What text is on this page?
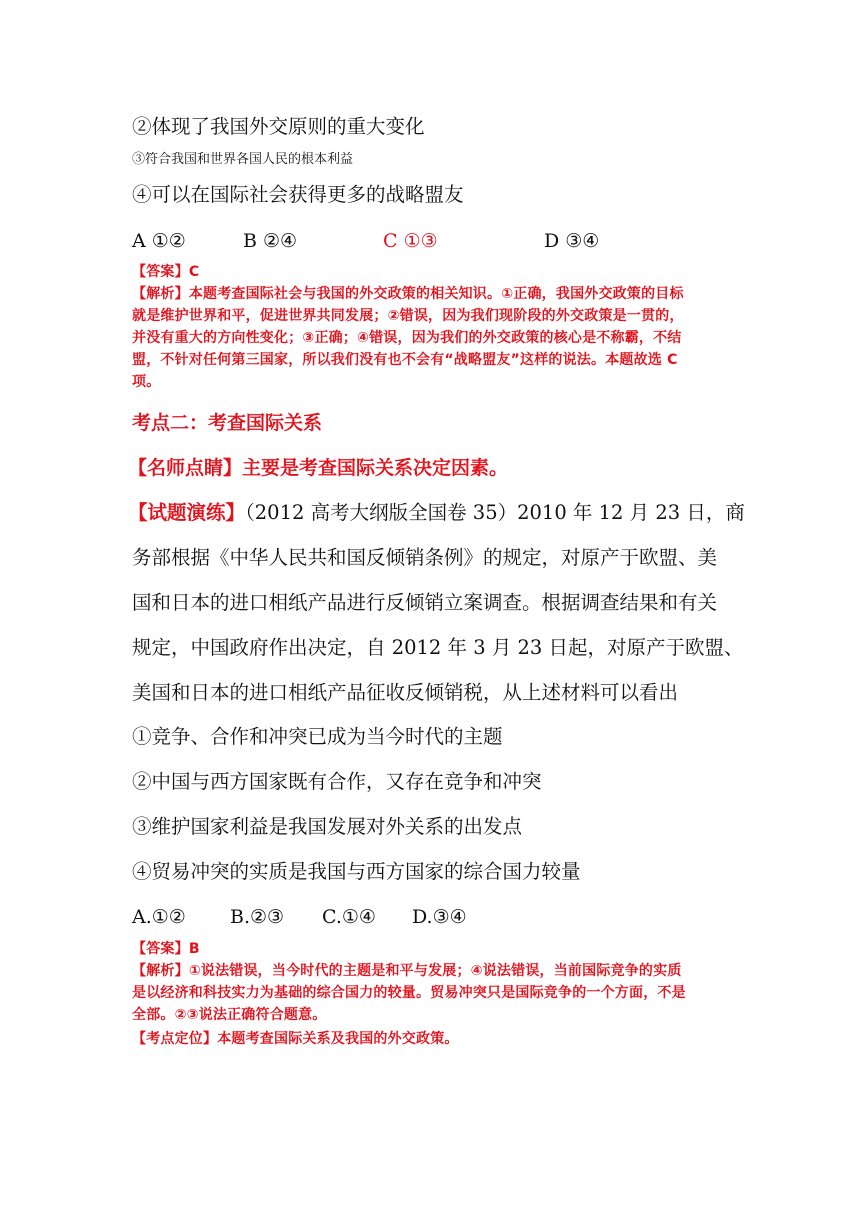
②体现了我国外交原则的重大变化
③符合我国和世界各国人民的根本利益
④可以在国际社会获得更多的战略盟友
A ①②	B ②④	C ①③	D ③④
【答案】C
【解析】本题考查国际社会与我国的外交政策的相关知识。①正确，我国外交政策的目标
就是维护世界和平，促进世界共同发展；②错误，因为我们现阶段的外交政策是一贯的，
并没有重大的方向性变化；③正确；④错误，因为我们的外交政策的核心是不称霸，不结
盟，不针对任何第三国家，所以我们没有也不会有“战略盟友”这样的说法。本题故选 C
项。
考点二：考查国际关系
【名师点睛】主要是考查国际关系决定因素。
【试题演练】（2012 高考大纲版全国卷 35）2010 年 12 月 23 日，商
务部根据《中华人民共和国反倾销条例》的规定，对原产于欧盟、美
国和日本的进口相纸产品进行反倾销立案调查。根据调查结果和有关
规定，中国政府作出决定，自 2012 年 3 月 23 日起，对原产于欧盟、
美国和日本的进口相纸产品征收反倾销税，从上述材料可以看出
①竞争、合作和冲突已成为当今时代的主题
②中国与西方国家既有合作，又存在竞争和冲突
③维护国家利益是我国发展对外关系的出发点
④贸易冲突的实质是我国与西方国家的综合国力较量
A.①② B.②③ C.①④ D.③④
【答案】B
【解析】①说法错误，当今时代的主题是和平与发展；④说法错误，当前国际竞争的实质
是以经济和科技实力为基础的综合国力的较量。贸易冲突只是国际竞争的一个方面，不是
全部。②③说法正确符合题意。
【考点定位】本题考查国际关系及我国的外交政策。
